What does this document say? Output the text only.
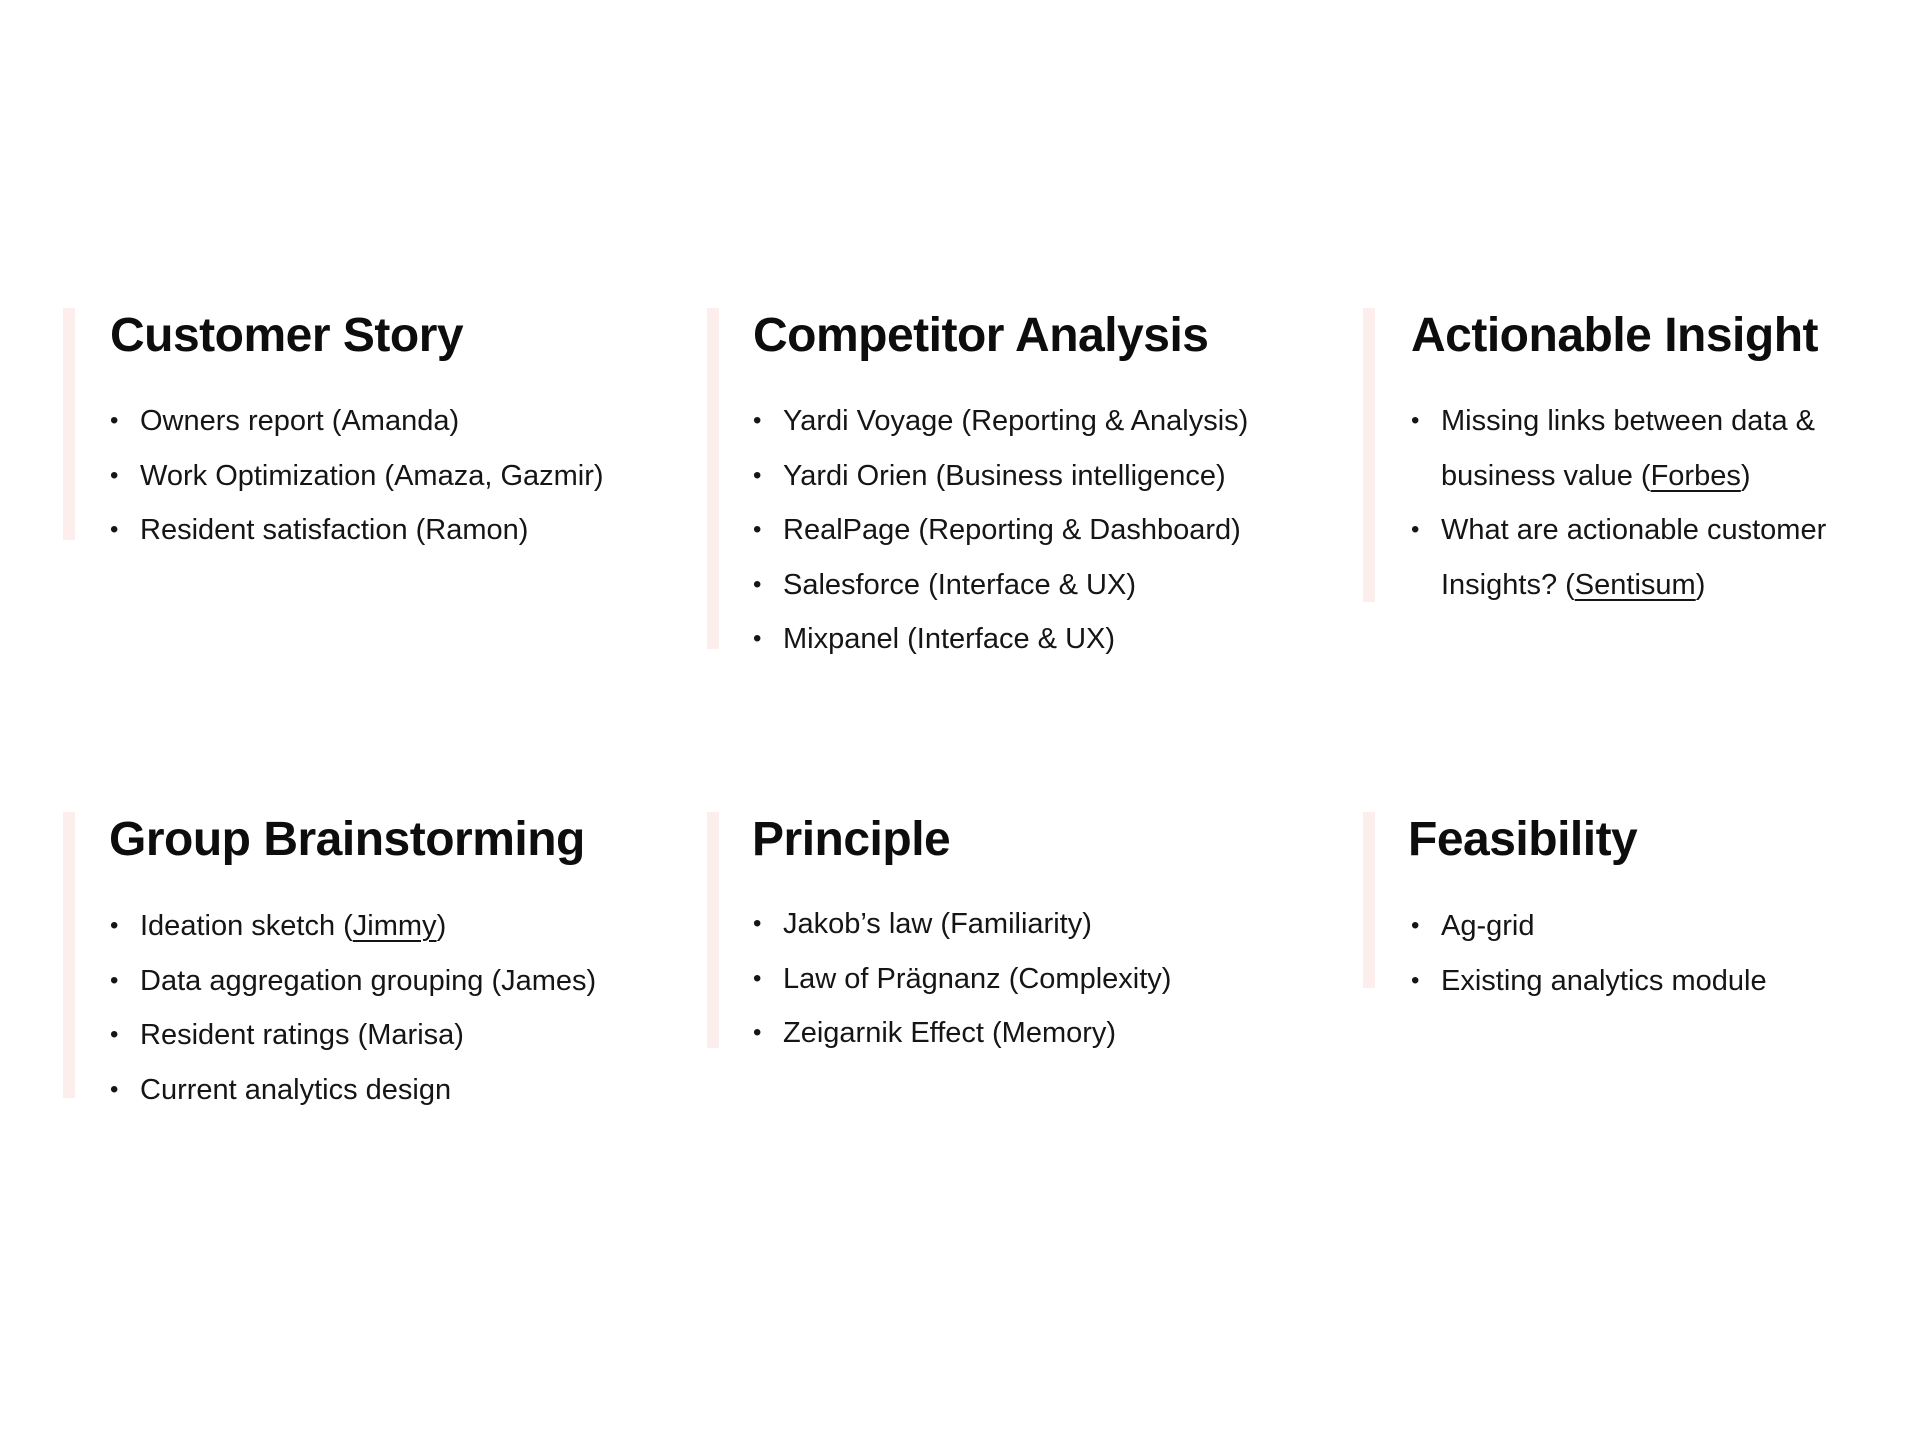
Customer Story
• Owners report (Amanda)
• Work Optimization (Amaza, Gazmir)
• Resident satisfaction (Ramon)
Competitor Analysis
• Yardi Voyage (Reporting & Analysis)
• Yardi Orien (Business intelligence)
• RealPage (Reporting & Dashboard)
• Salesforce (Interface & UX)
• Mixpanel (Interface & UX)
Actionable Insight
• Missing links between data & business value (Forbes)
• What are actionable customer Insights? (Sentisum)
Group Brainstorming
• Ideation sketch (Jimmy)
• Data aggregation grouping (James)
• Resident ratings (Marisa)
• Current analytics design
Principle
• Jakob’s law (Familiarity)
• Law of Prägnanz (Complexity)
• Zeigarnik Effect (Memory)
Feasibility
• Ag-grid
• Existing analytics module
